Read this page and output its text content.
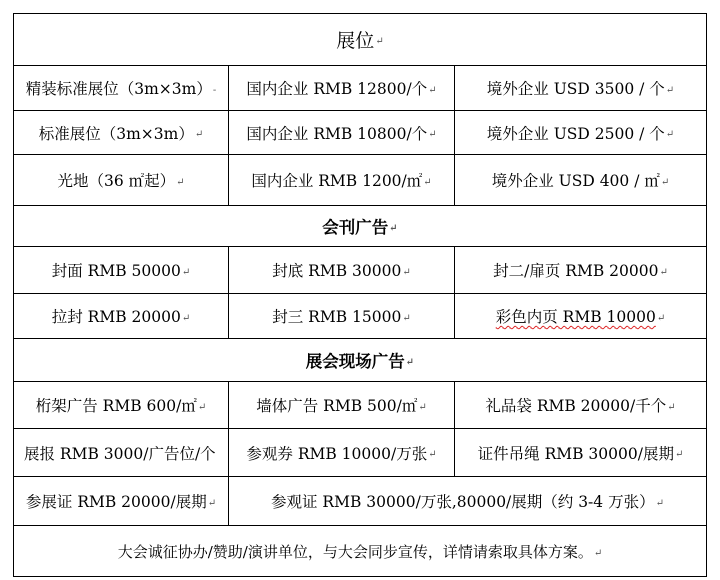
展位 ↵
精装标准展位（3m×3m） - 国内企业 RMB 12800/个 ↵	境外企业 USD 3500 / 个 ↵
标准展位（3m×3m） ↵	国内企业 RMB 10800/个 ↵	境外企业 USD 2500 / 个 ↵
光地（36 ㎡起） ↵	国内企业 RMB 1200/㎡ ↵	境外企业 USD 400 / ㎡ ↵
会刊广告 ↵
封面 RMB 50000 ↵	封底 RMB 30000 ↵	封二/扉页 RMB 20000 ↵
拉封 RMB 20000 ↵	封三 RMB 15000 ↵	彩色内页 RMB 10000 ↵
展会现场广告 ↵
桁架广告 RMB 600/㎡ ↵	墙体广告 RMB 500/㎡ ↵	礼品袋 RMB 20000/千个 ↵
展报 RMB 3000/广告位/个 参观券 RMB 10000/万张 ↵	证件吊绳 RMB 30000/展期 ↵
参展证 RMB 20000/展期 ↵	参观证 RMB 30000/万张,80000/展期（约 3-4 万张） ↵
大会诚征协办/赞助/演讲单位，与大会同步宣传，详情请索取具体方案。 ↵
